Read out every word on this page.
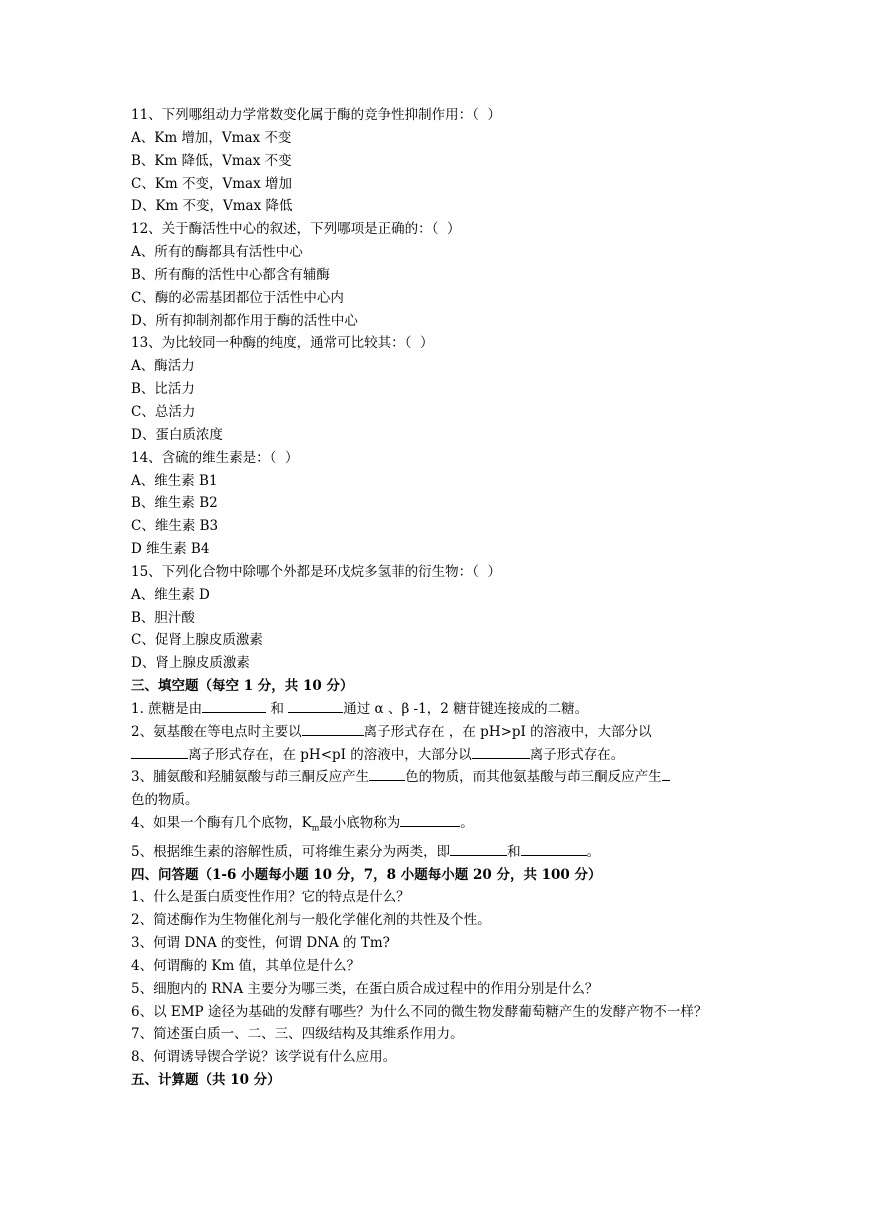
11、下列哪组动力学常数变化属于酶的竞争性抑制作用：（  ）

A、Km 增加，Vmax 不变

B、Km 降低，Vmax 不变

C、Km 不变，Vmax 增加

D、Km 不变，Vmax 降低

12、关于酶活性中心的叙述，下列哪项是正确的：（  ）

A、所有的酶都具有活性中心

B、所有酶的活性中心都含有辅酶

C、酶的必需基团都位于活性中心内

D、所有抑制剂都作用于酶的活性中心

13、为比较同一种酶的纯度，通常可比较其：（  ）

A、酶活力

B、比活力

C、总活力

D、蛋白质浓度

14、含硫的维生素是：（  ）

A、维生素 B1

B、维生素 B2

C、维生素 B3

D 维生素 B4

15、下列化合物中除哪个外都是环戊烷多氢菲的衍生物：（  ）

A、维生素 D

B、胆汁酸

C、促肾上腺皮质激素

D、肾上腺皮质激素

三、填空题（每空 1 分，共 10 分）

1. 蔗糖是由	和	通过 α 、β -1，2 糖苷键连接成的二糖。

2、氨基酸在等电点时主要以	离子形式存在 ，在 pH>pI 的溶液中，大部分以

离子形式存在，在 pH<pI 的溶液中，大部分以	离子形式存在。

3、脯氨酸和羟脯氨酸与茚三酮反应产生	色的物质，而其他氨基酸与茚三酮反应产生

色的物质。

4、如果一个酶有几个底物，$K_m$最小底物称为	。

5、根据维生素的溶解性质，可将维生素分为两类，即	和	。

四、问答题（1-6 小题每小题 10 分，7，8 小题每小题 20 分，共 100 分）

1、什么是蛋白质变性作用？它的特点是什么？

2、简述酶作为生物催化剂与一般化学催化剂的共性及个性。

3、何谓 DNA 的变性，何谓 DNA 的 Tm?

4、何谓酶的 Km 值，其单位是什么？

5、细胞内的 RNA 主要分为哪三类，在蛋白质合成过程中的作用分别是什么？

6、以 EMP 途径为基础的发酵有哪些？为什么不同的微生物发酵葡萄糖产生的发酵产物不一样？

7、简述蛋白质一、二、三、四级结构及其维系作用力。

8、何谓诱导锲合学说？该学说有什么应用。

五、计算题（共 10 分）
